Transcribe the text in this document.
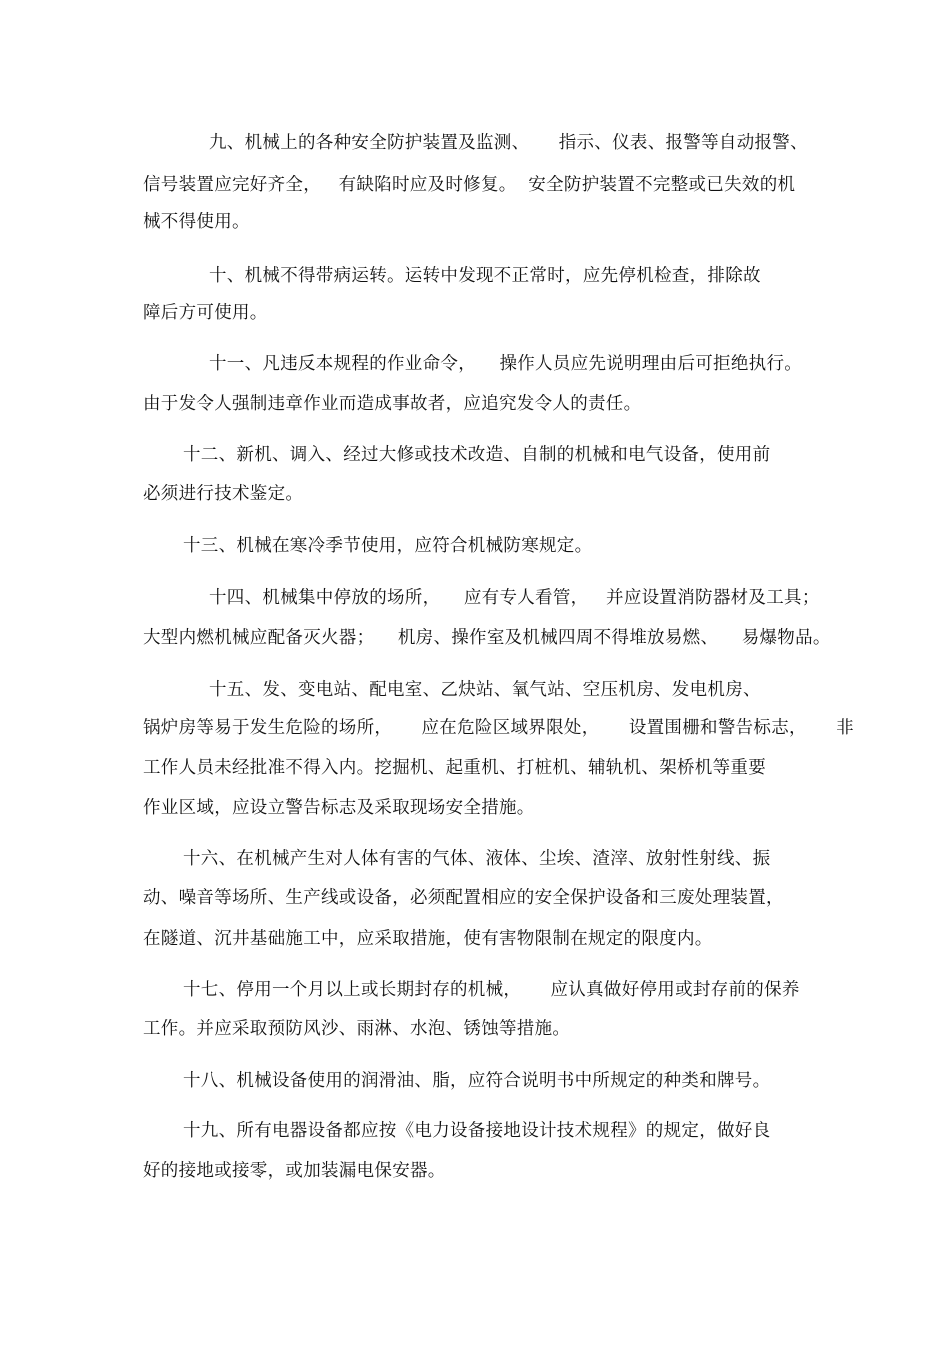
九、机械上的各种安全防护装置及监测、     指示、仪表、报警等自动报警、
信号装置应完好齐全，   有缺陷时应及时修复。  安全防护装置不完整或已失效的机
械不得使用。
十、机械不得带病运转。运转中发现不正常时，应先停机检查，排除故
障后方可使用。
十一、凡违反本规程的作业命令，    操作人员应先说明理由后可拒绝执行。
由于发令人强制违章作业而造成事故者，应追究发令人的责任。
十二、新机、调入、经过大修或技术改造、自制的机械和电气设备，使用前
必须进行技术鉴定。
十三、机械在寒冷季节使用，应符合机械防寒规定。
十四、机械集中停放的场所，    应有专人看管，   并应设置消防器材及工具；
大型内燃机械应配备灭火器；    机房、操作室及机械四周不得堆放易燃、    易爆物品。
十五、发、变电站、配电室、乙炔站、氧气站、空压机房、发电机房、
锅炉房等易于发生危险的场所，     应在危险区域界限处，     设置围栅和警告标志，     非
工作人员未经批准不得入内。挖掘机、起重机、打桩机、辅轨机、架桥机等重要
作业区域，应设立警告标志及采取现场安全措施。
十六、在机械产生对人体有害的气体、液体、尘埃、渣滓、放射性射线、振
动、噪音等场所、生产线或设备，必须配置相应的安全保护设备和三废处理装置，
在隧道、沉井基础施工中，应采取措施，使有害物限制在规定的限度内。
十七、停用一个月以上或长期封存的机械，     应认真做好停用或封存前的保养
工作。并应采取预防风沙、雨淋、水泡、锈蚀等措施。
十八、机械设备使用的润滑油、脂，应符合说明书中所规定的种类和牌号。
十九、所有电器设备都应按《电力设备接地设计技术规程》的规定，做好良
好的接地或接零，或加装漏电保安器。
